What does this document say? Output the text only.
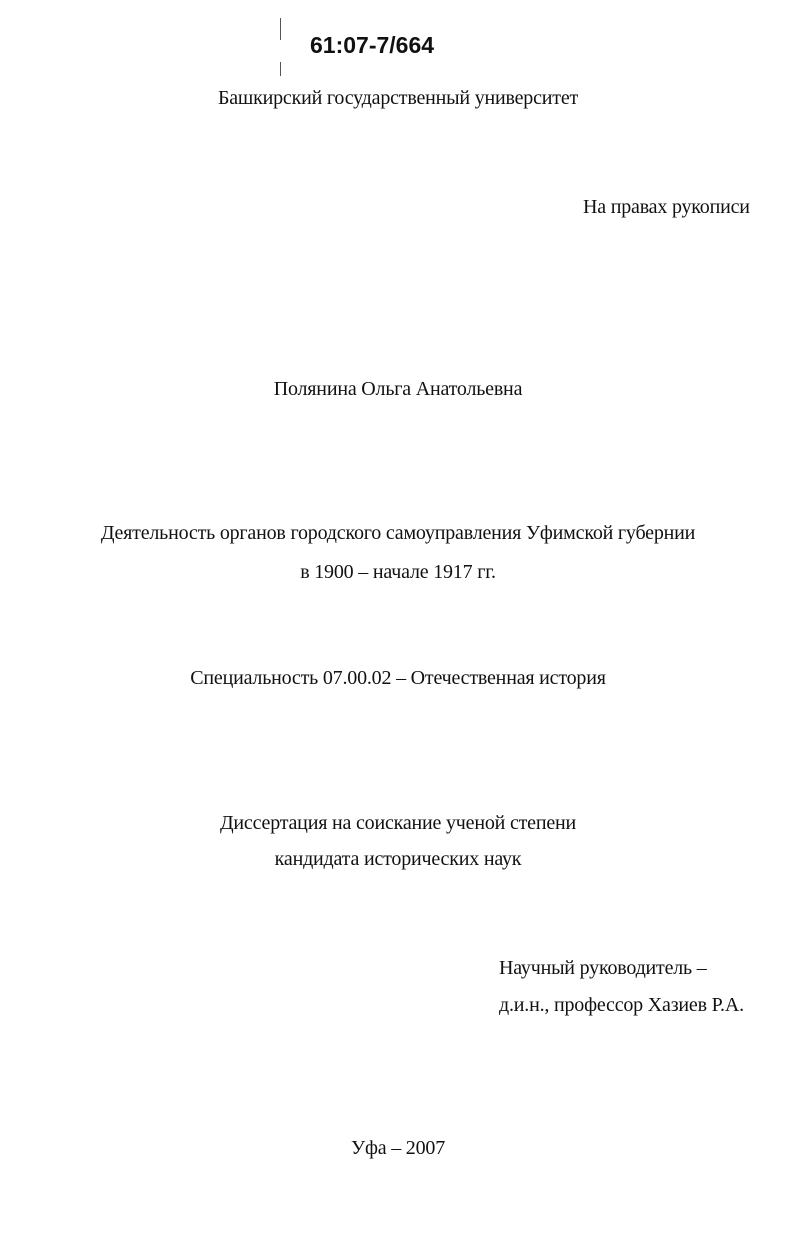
61:07-7/664
Башкирский государственный университет
На правах рукописи
Полянина Ольга Анатольевна
Деятельность органов городского самоуправления Уфимской губернии
в 1900 – начале 1917 гг.
Специальность 07.00.02 – Отечественная история
Диссертация на соискание ученой степени
кандидата исторических наук
Научный руководитель –
д.и.н., профессор Хазиев Р.А.
Уфа – 2007
